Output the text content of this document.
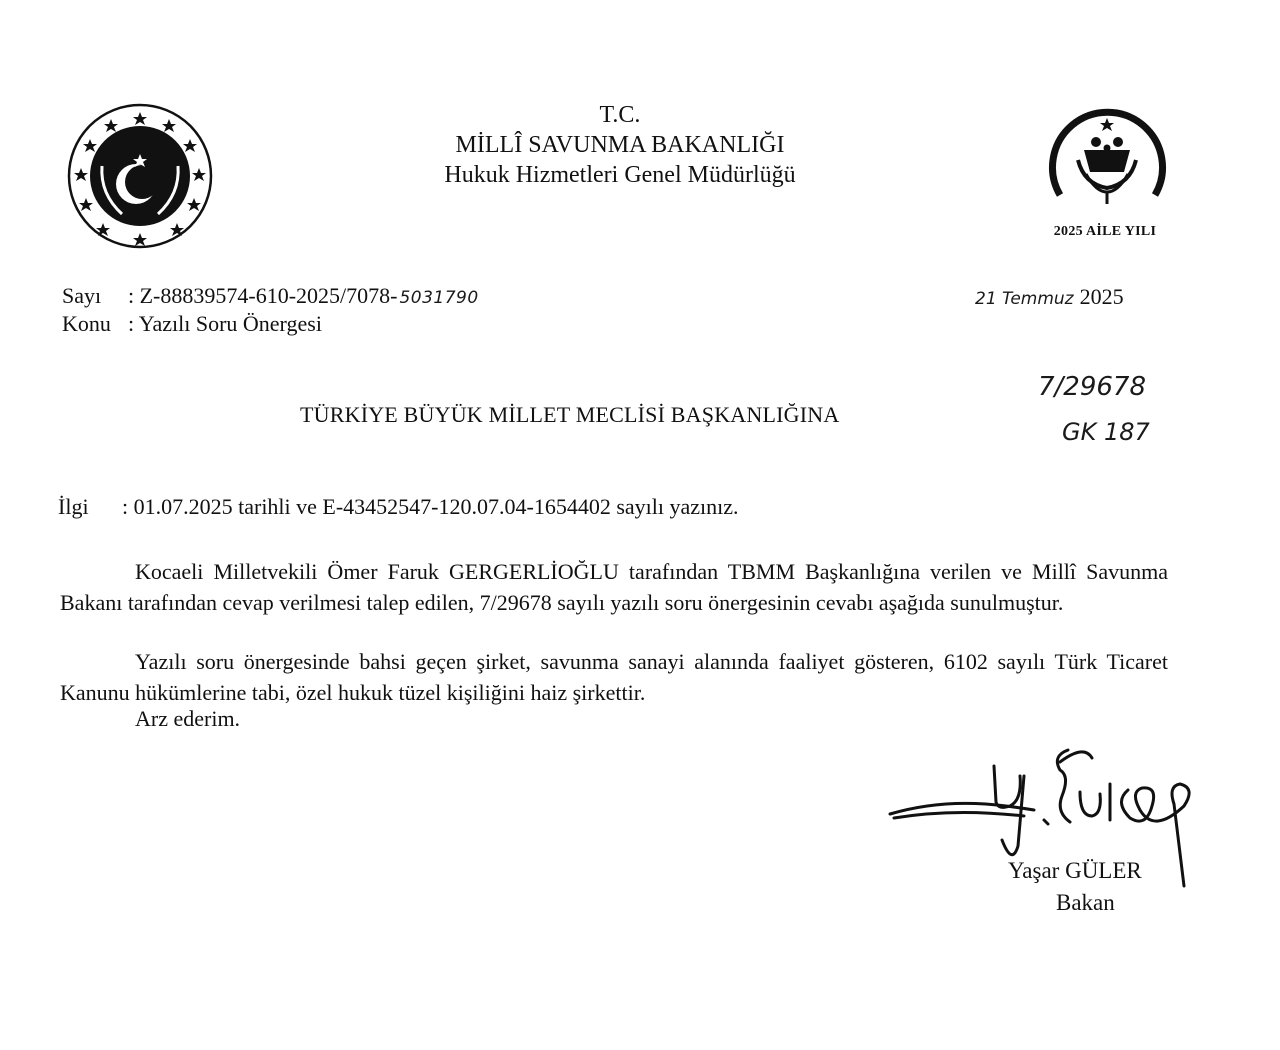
T.C.
MİLLÎ SAVUNMA BAKANLIĞI
Hukuk Hizmetleri Genel Müdürlüğü
2025 AİLE YILI
Sayı : Z-88839574-610-2025/7078- 5031790
Konu : Yazılı Soru Önergesi
21 Temmuz 2025
TÜRKİYE BÜYÜK MİLLET MECLİSİ BAŞKANLIĞINA
7/29678
GK 187
İlgi : 01.07.2025 tarihli ve E-43452547-120.07.04-1654402 sayılı yazınız.
Kocaeli Milletvekili Ömer Faruk GERGERLİOĞLU tarafından TBMM Başkanlığına verilen ve Millî Savunma Bakanı tarafından cevap verilmesi talep edilen, 7/29678 sayılı yazılı soru önergesinin cevabı aşağıda sunulmuştur.
Yazılı soru önergesinde bahsi geçen şirket, savunma sanayi alanında faaliyet gösteren, 6102 sayılı Türk Ticaret Kanunu hükümlerine tabi, özel hukuk tüzel kişiliğini haiz şirkettir.
Arz ederim.
Yaşar GÜLER
Bakan
